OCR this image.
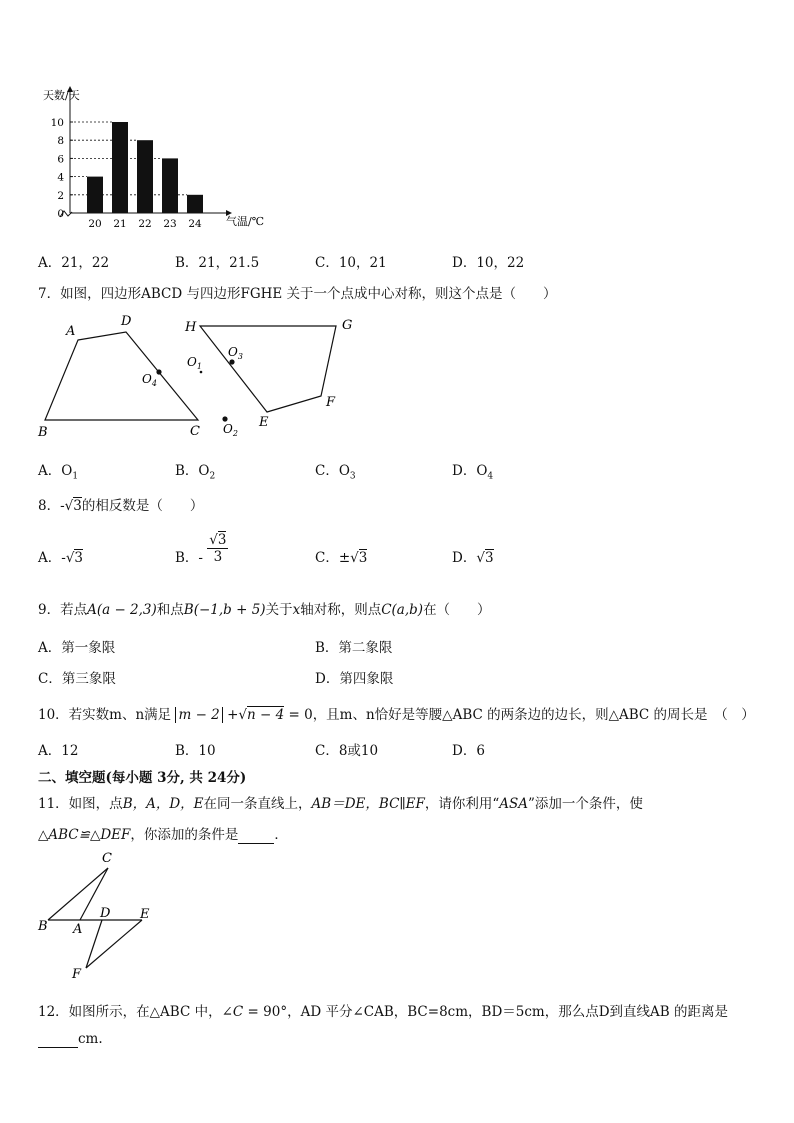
0
2
4
6
8
10
20 21 22 23 24
天数/天
气温/℃
A．21，22	B．21，21.5	C．10，21	D．10，22
7．如图，四边形ABCD 与四边形FGHE 关于一个点成中心对称，则这个点是（　　）
A
D
B	C
H	G
F
E
$O_4$
$O_3$
$O_1$
$O_2$
A．$O_1$	B．$O_2$	C．$O_3$	D．$O_4$
8．-√3的相反数是（　　）
A．-√3	B．- $\frac{√3}{3}$	C．±√3	D．√3
9．若点A(a − 2,3)和点B(−1,b + 5)关于x轴对称，则点C(a,b)在（　　）
A．第一象限	B．第二象限
C．第三象限	D．第四象限
10．若实数m、n满足 m − 2 +√n − 4 = 0，且m、n恰好是等腰△ABC 的两条边的边长，则△ABC 的周长是　（　）
A．12	B．10	C．8或10	D．6
二、填空题(每小题 3分, 共 24分)
11．如图，点B，A，D，E在同一条直线上，AB＝DE，BC∥EF，请你利用“ASA”添加一个条件，使
△ABC≌△DEF，你添加的条件是	．
C
B A
D E
F
12．如图所示，在△ABC 中，∠C = 90°，AD 平分∠CAB，BC=8cm，BD＝5cm，那么点D到直线AB 的距离是
cm.
